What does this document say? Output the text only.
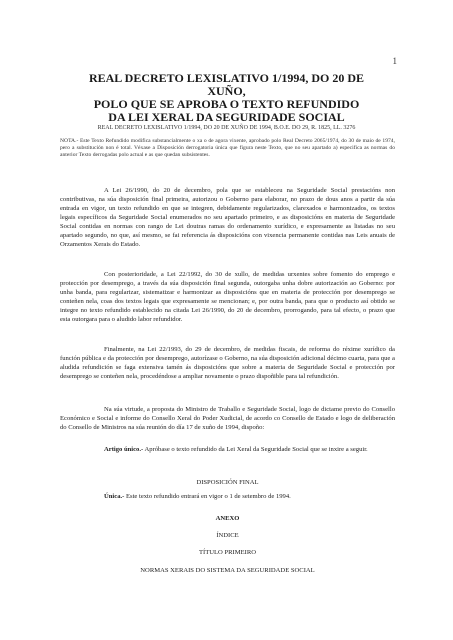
1
REAL DECRETO LEXISLATIVO 1/1994, DO 20 DE XUÑO,
POLO QUE SE APROBA O TEXTO REFUNDIDO
DA LEI XERAL DA SEGURIDADE SOCIAL
REAL DECRETO LEXISLATIVO 1/1994, DO 20 DE XUÑO DE 1994, B.O.E. DO 29, R. 1825, LL. 3276
NOTA.- Este Texto Refundido modifica substancialmente o xa o de agora vixente, aprobado polo Real Decreto 2065/1974, do 30 de maio de 1974, pero a substitución non é total. Véxase a Disposición derrogatoria única que figura neste Texto, que no seu apartado a) especifica as normas do anterior Texto derrogadas polo actual e as que quedan subsistentes.
A Lei 26/1990, do 20 de decembro, pola que se estableceu na Seguridade Social prestacións non contributivas, na súa disposición final primeira, autorizou o Goberno para elaborar, no prazo de dous anos a partir da súa entrada en vigor, un texto refundido en que se integren, debidamente regularizados, clarexados e harmonizados, os textos legais específicos da Seguridade Social enumerados no seu apartado primeiro, e as disposicións en materia de Seguridade Social contidas en normas con rango de Lei doutras ramas do ordenamento xurídico, e expresamente as listadas no seu apartado segundo, no que, así mesmo, se fai referencia ás disposicións con vixencia permanente contidas nas Leis anuais de Orzamentos Xerais do Estado.
Con posterioridade, a Lei 22/1992, do 30 de xullo, de medidas urxentes sobre fomento do emprego e protección por desemprego, a través da súa disposición final segunda, outorgaba unha dobre autorización ao Goberno: por unha banda, para regularizar, sistematizar e harmonizar as disposicións que en materia de protección por desemprego se conteñen nela, coas dos textos legais que expresamente se mencionan; e, por outra banda, para que o producto así obtido se integre no texto refundido establecido na citada Lei 26/1990, do 20 de decembro, prorrogando, para tal efecto, o prazo que esta outorgara para o aludido labor refundidor.
Finalmente, na Lei 22/1993, do 29 de decembro, de medidas fiscais, de reforma do réxime xurídico da función pública e da protección por desemprego, autorízase o Goberno, na súa disposición adicional décimo cuarta, para que a aludida refundición se faga extensiva tamén ás disposicións que sobre a materia de Seguridade Social e protección por desemprego se conteñen nela, procedéndose a ampliar novamente o prazo dispoñible para tal refundición.
Na súa virtude, a proposta do Ministro de Traballo e Seguridade Social, logo de dictame previo do Consello Económico e Social e informe do Consello Xeral do Poder Xudicial, de acordo co Consello de Estado e logo de deliberación do Consello de Ministros na súa reunión do día 17 de xuño de 1994, dispoño:
Artigo único.- Apróbase o texto refundido da Lei Xeral da Seguridade Social que se inxire a seguir.
DISPOSICIÓN FINAL
Única.- Este texto refundido entrará en vigor o 1 de setembro de 1994.
ANEXO
ÍNDICE
TÍTULO PRIMEIRO
NORMAS XERAIS DO SISTEMA DA SEGURIDADE SOCIAL
